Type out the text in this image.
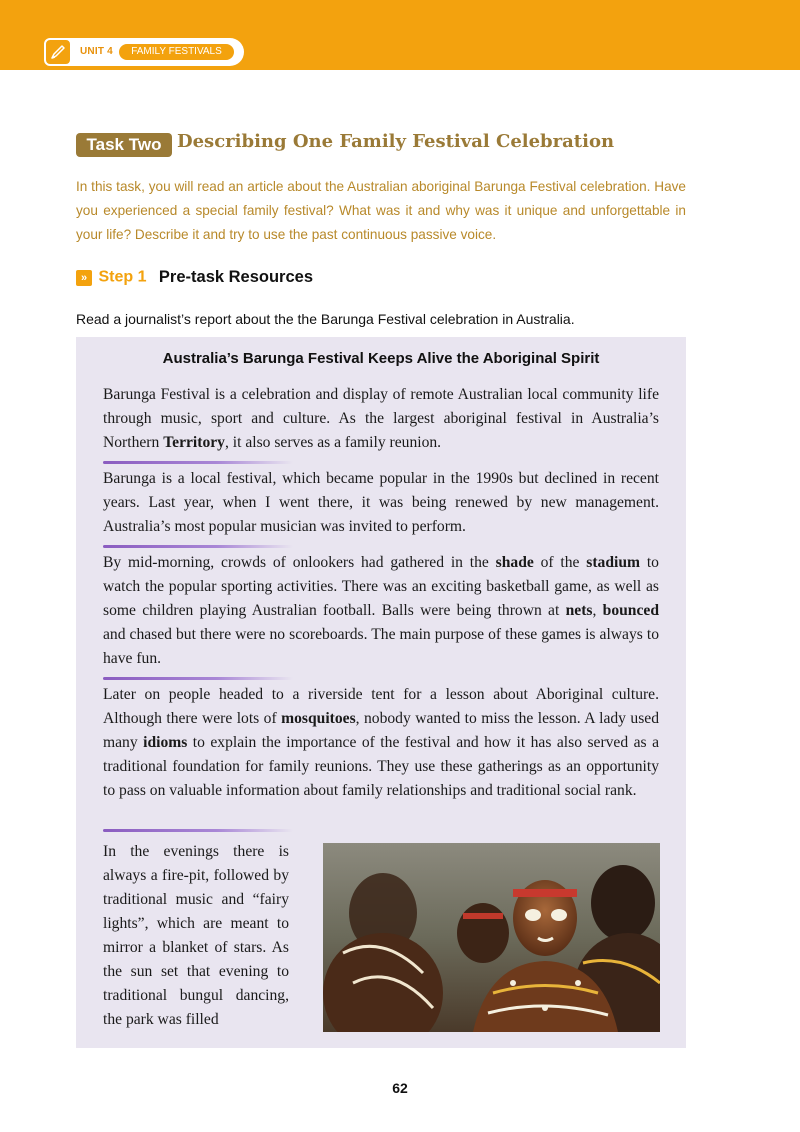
UNIT 4	FAMILY FESTIVALS
Task Two Describing One Family Festival Celebration

In this task, you will read an article about the Australian aboriginal Barunga Festival celebration. Have you experienced a special family festival? What was it and why was it unique and unforgettable in your life? Describe it and try to use the past continuous passive voice.

» Step 1 Pre-task Resources
Read a journalist’s report about the the Barunga Festival celebration in Australia.
Australia’s Barunga Festival Keeps Alive the Aboriginal Spirit

Barunga Festival is a celebration and display of remote Australian local community life through music, sport and culture. As the largest aboriginal festival in Australia’s Northern Territory, it also serves as a family reunion.

Barunga is a local festival, which became popular in the 1990s but declined in recent years. Last year, when I went there, it was being renewed by new management. Australia’s most popular musician was invited to perform.

By mid-morning, crowds of onlookers had gathered in the shade of the stadium to watch the popular sporting activities. There was an exciting basketball game, as well as some children playing Australian football. Balls were being thrown at nets, bounced and chased but there were no scoreboards. The main purpose of these games is always to have fun.

Later on people headed to a riverside tent for a lesson about Aboriginal culture. Although there were lots of mosquitoes, nobody wanted to miss the lesson. A lady used many idioms to explain the importance of the festival and how it has also served as a traditional foundation for family reunions. They use these gatherings as an opportunity to pass on valuable information about family relationships and traditional social rank.

In the evenings there is always a fire-pit, followed by traditional music and “fairy lights”, which are meant to mirror a blanket of stars. As the sun set that evening to traditional bungul dancing, the park was filled

62
